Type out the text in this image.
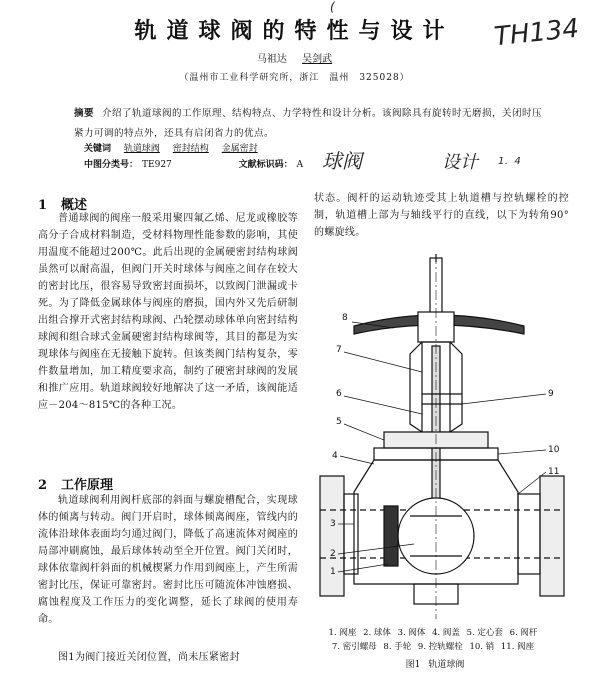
轨道球阀的特性与设计
马祖达 吴剑武
（温州市工业科学研究所，浙江　温州　325028）
(
TH134
球阀	设计 1．4
摘要 介绍了轨道球阀的工作原理、结构特点、力学特性和设计分析。该阀除具有旋转时无磨损，关闭时压紧力可调的特点外，还具有启闭省力的优点。
关键词 轨道球阀 密封结构 金属密封
中图分类号： TE927	文献标识码： A
1 概述

普通球阀的阀座一般采用聚四氟乙烯、尼龙或橡胶等高分子合成材料制造，受材料物理性能参数的影响，其使用温度不能超过200℃。此后出现的金属硬密封结构球阀虽然可以耐高温，但阀门开关时球体与阀座之间存在较大的密封比压，很容易导致密封面损坏，以致阀门泄漏或卡死。为了降低金属球体与阀座的磨损，国内外又先后研制出组合撑开式密封结构球阀、凸轮摆动球体单向密封结构球阀和组合球式金属硬密封结构球阀等，其目的都是为实现球体与阀座在无接触下旋转。但该类阀门结构复杂，零件数量增加，加工精度要求高，制约了硬密封球阀的发展和推广应用。轨道球阀较好地解决了这一矛盾，该阀能适应－204～815℃的各种工况。

2 工作原理

轨道球阀利用阀杆底部的斜面与螺旋槽配合，实现球体的倾离与转动。阀门开启时，球体倾离阀座，管线内的流体沿球体表面均匀通过阀门，降低了高速流体对阀座的局部冲刷腐蚀，最后球体转动至全开位置。阀门关闭时，球体依靠阀杆斜面的机械楔紧力作用到阀座上，产生所需密封比压，保证可靠密封。密封比压可随流体冲蚀磨损、腐蚀程度及工作压力的变化调整，延长了球阀的使用寿命。

图1为阀门接近关闭位置，尚未压紧密封

状态。阀杆的运动轨迹受其上轨道槽与控轨螺栓的控制，轨道槽上部为与轴线平行的直线，以下为转角90°的螺旋线。

8
7
6
5
4
3
2
1
9
10
11
1. 阀座 2. 球体 3. 阀体 4. 阀盖 5. 定心套 6. 阀杆
7. 密引螺母 8. 手轮 9. 控轨螺栓 10. 销 11. 阀座
图1 轨道球阀
